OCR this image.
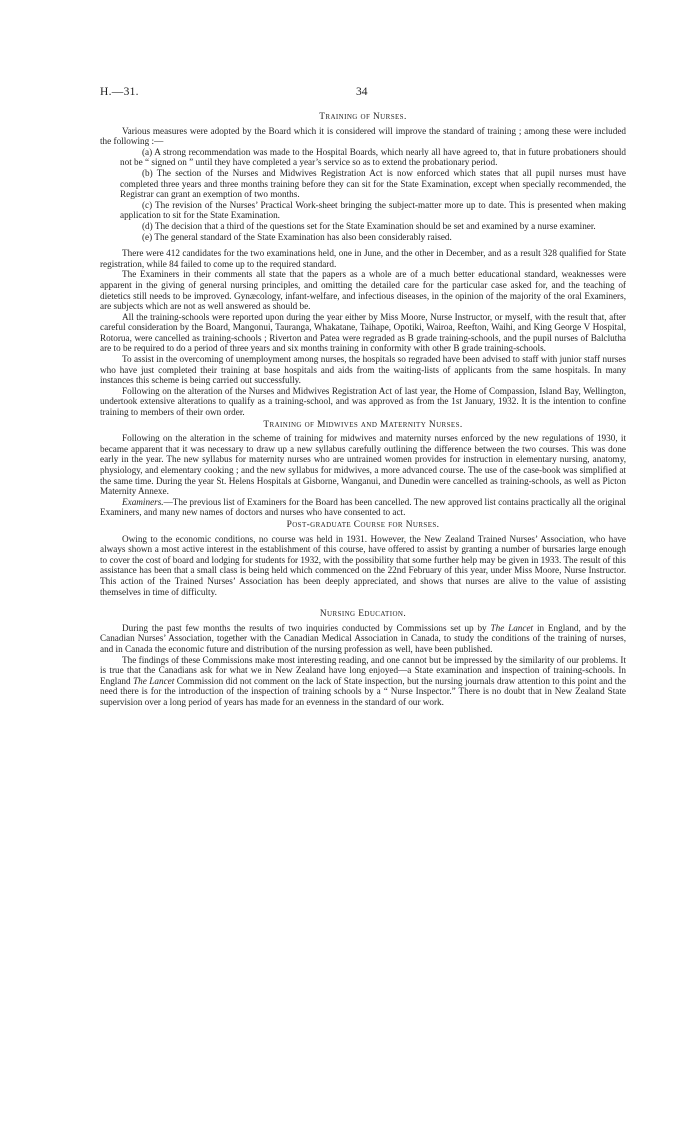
H.—31.	34
Training of Nurses.

Various measures were adopted by the Board which it is considered will improve the standard of training ; among these were included the following :—

(a) A strong recommendation was made to the Hospital Boards, which nearly all have agreed to, that in future probationers should not be “ signed on ” until they have completed a year’s service so as to extend the probationary period.

(b) The section of the Nurses and Midwives Registration Act is now enforced which states that all pupil nurses must have completed three years and three months training before they can sit for the State Examination, except when specially recommended, the Registrar can grant an exemption of two months.

(c) The revision of the Nurses’ Practical Work-sheet bringing the subject-matter more up to date. This is presented when making application to sit for the State Examination.

(d) The decision that a third of the questions set for the State Examination should be set and examined by a nurse examiner.

(e) The general standard of the State Examination has also been considerably raised.

There were 412 candidates for the two examinations held, one in June, and the other in December, and as a result 328 qualified for State registration, while 84 failed to come up to the required standard.

The Examiners in their comments all state that the papers as a whole are of a much better educational standard, weaknesses were apparent in the giving of general nursing principles, and omitting the detailed care for the particular case asked for, and the teaching of dietetics still needs to be improved. Gynæcology, infant-welfare, and infectious diseases, in the opinion of the majority of the oral Examiners, are subjects which are not as well answered as should be.

All the training-schools were reported upon during the year either by Miss Moore, Nurse Instructor, or myself, with the result that, after careful consideration by the Board, Mangonui, Tauranga, Whakatane, Taihape, Opotiki, Wairoa, Reefton, Waihi, and King George V Hospital, Rotorua, were cancelled as training-schools ; Riverton and Patea were regraded as B grade training-schools, and the pupil nurses of Balclutha are to be required to do a period of three years and six months training in conformity with other B grade training-schools.

To assist in the overcoming of unemployment among nurses, the hospitals so regraded have been advised to staff with junior staff nurses who have just completed their training at base hospitals and aids from the waiting-lists of applicants from the same hospitals. In many instances this scheme is being carried out successfully.

Following on the alteration of the Nurses and Midwives Registration Act of last year, the Home of Compassion, Island Bay, Wellington, undertook extensive alterations to qualify as a training-school, and was approved as from the 1st January, 1932. It is the intention to confine training to members of their own order.

Training of Midwives and Maternity Nurses.

Following on the alteration in the scheme of training for midwives and maternity nurses enforced by the new regulations of 1930, it became apparent that it was necessary to draw up a new syllabus carefully outlining the difference between the two courses. This was done early in the year. The new syllabus for maternity nurses who are untrained women provides for instruction in elementary nursing, anatomy, physiology, and elementary cooking ; and the new syllabus for midwives, a more advanced course. The use of the case-book was simplified at the same time. During the year St. Helens Hospitals at Gisborne, Wanganui, and Dunedin were cancelled as training-schools, as well as Picton Maternity Annexe.

Examiners.—The previous list of Examiners for the Board has been cancelled. The new approved list contains practically all the original Examiners, and many new names of doctors and nurses who have consented to act.

Post-graduate Course for Nurses.

Owing to the economic conditions, no course was held in 1931. However, the New Zealand Trained Nurses’ Association, who have always shown a most active interest in the establishment of this course, have offered to assist by granting a number of bursaries large enough to cover the cost of board and lodging for students for 1932, with the possibility that some further help may be given in 1933. The result of this assistance has been that a small class is being held which commenced on the 22nd February of this year, under Miss Moore, Nurse Instructor. This action of the Trained Nurses’ Association has been deeply appreciated, and shows that nurses are alive to the value of assisting themselves in time of difficulty.

Nursing Education.

During the past few months the results of two inquiries conducted by Commissions set up by The Lancet in England, and by the Canadian Nurses’ Association, together with the Canadian Medical Association in Canada, to study the conditions of the training of nurses, and in Canada the economic future and distribution of the nursing profession as well, have been published.

The findings of these Commissions make most interesting reading, and one cannot but be impressed by the similarity of our problems. It is true that the Canadians ask for what we in New Zealand have long enjoyed—a State examination and inspection of training-schools. In England The Lancet Commission did not comment on the lack of State inspection, but the nursing journals draw attention to this point and the need there is for the introduction of the inspection of training schools by a “ Nurse Inspector.” There is no doubt that in New Zealand State supervision over a long period of years has made for an evenness in the standard of our work.
